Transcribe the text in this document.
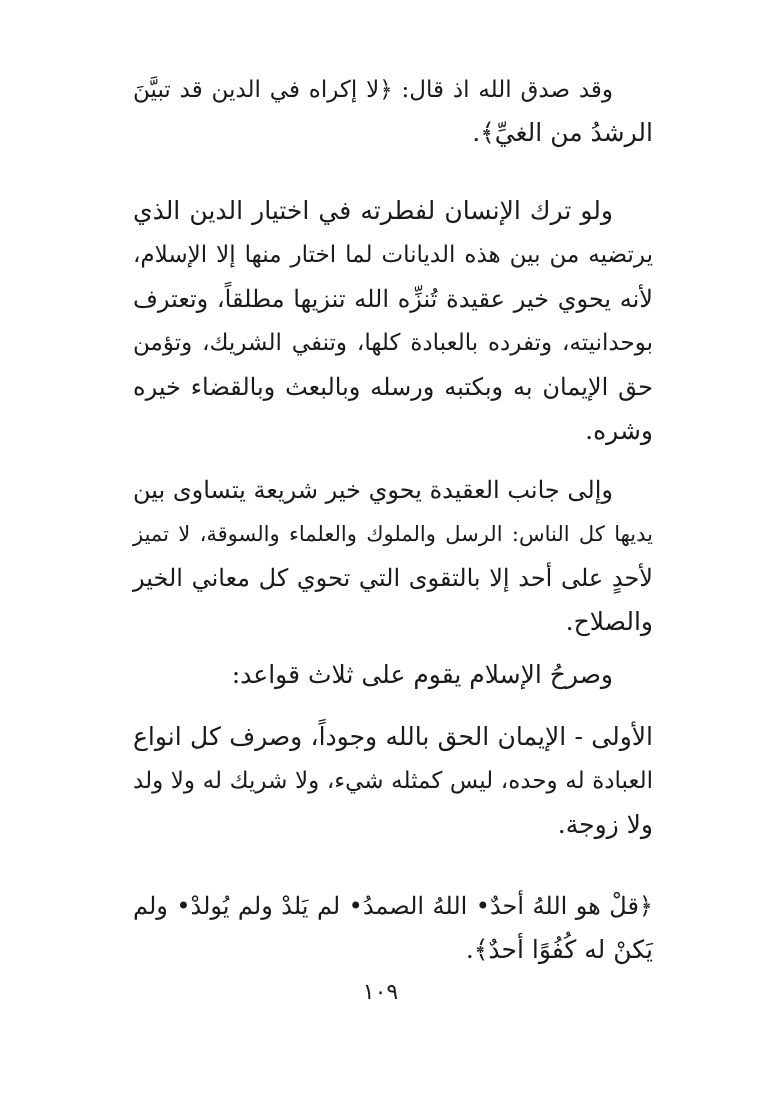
وقد صدق الله اذ قال: ﴿لا إكراه في الدين قد تبيَّنَ
الرشدُ من الغيِّ﴾.
ولو ترك الإنسان لفطرته في اختيار الدين الذي
يرتضيه من بين هذه الديانات لما اختار منها إلا الإسلام،
لأنه يحوي خير عقيدة تُنزِّه الله تنزيها مطلقاً، وتعترف
بوحدانيته، وتفرده بالعبادة كلها، وتنفي الشريك، وتؤمن
حق الإيمان به وبكتبه ورسله وبالبعث وبالقضاء خيره
وشره.
وإلى جانب العقيدة يحوي خير شريعة يتساوى بين
يديها كل الناس: الرسل والملوك والعلماء والسوقة، لا تميز
لأحدٍ على أحد إلا بالتقوى التي تحوي كل معاني الخير
والصلاح.
وصرحُ الإسلام يقوم على ثلاث قواعد:
الأولى - الإيمان الحق بالله وجوداً، وصرف كل انواع
العبادة له وحده، ليس كمثله شيء، ولا شريك له ولا ولد
ولا زوجة.
﴿قلْ هو اللهُ أحدٌ• اللهُ الصمدُ• لم يَلدْ ولم يُولدْ• ولم
يَكنْ له كُفُوًا أحدٌ﴾.
١٠٩
